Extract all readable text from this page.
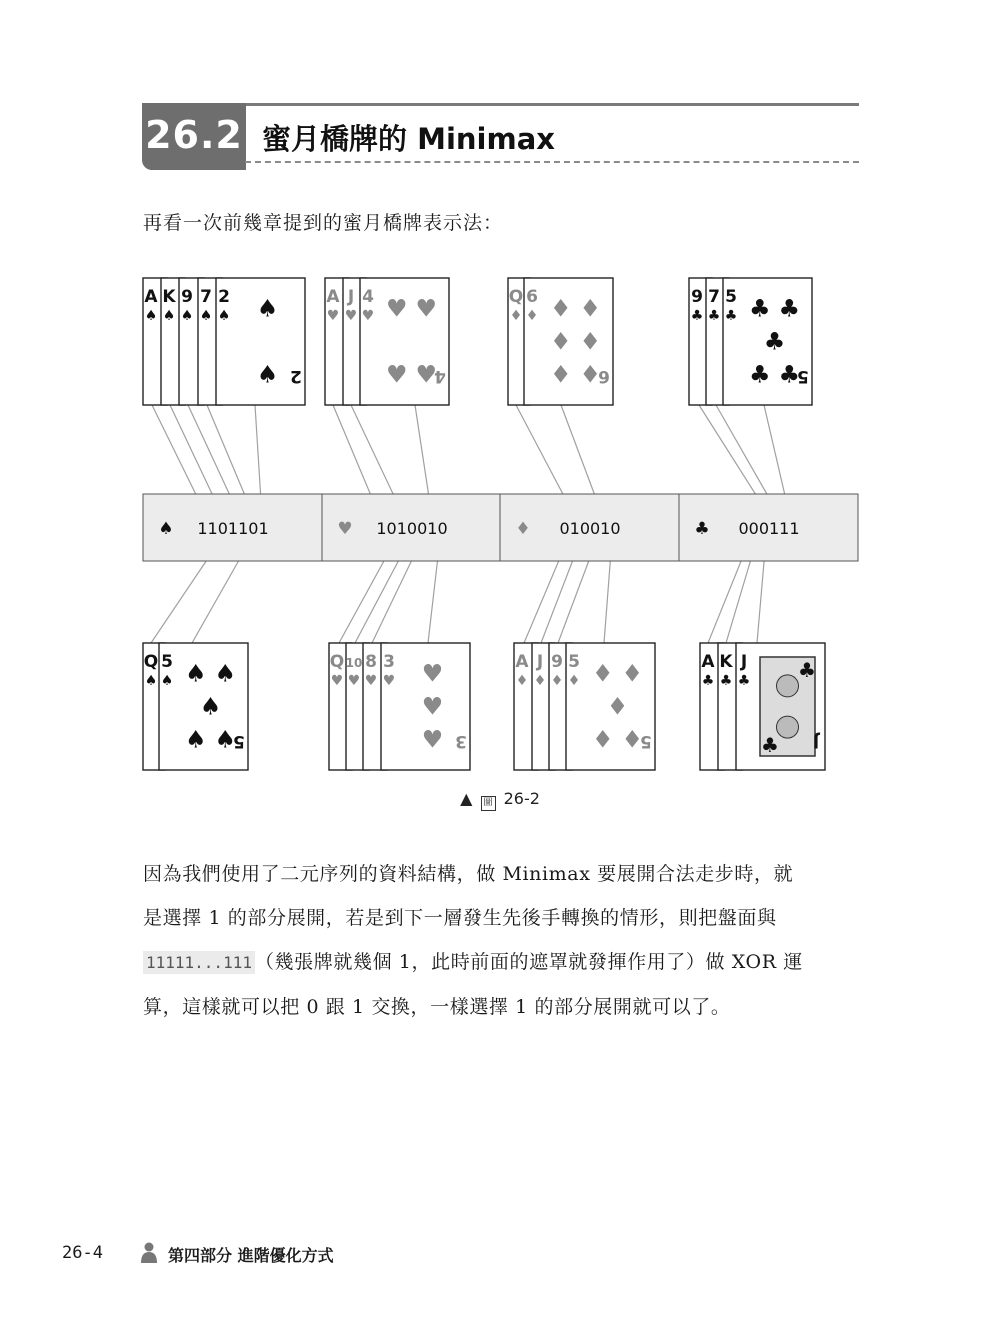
26.2 蜜月橋牌的 Minimax
再看一次前幾章提到的蜜月橋牌表示法：
♠ 1101101	♥ 1010010	♦ 010010	♣ 000111
A
♠
K
♠
9
♠
7
♠
2
♠ ♠
♠ 2
A
♥
J
♥
4
♥ ♥ ♥
♥ ♥
4
Q
♦
6
♦ ♦ ♦
♦ ♦
♦ ♦
6
9
♣
7
♣
5
♣ ♣ ♣
♣
♣ ♣
5
Q
♠
5
♠ ♠ ♠
♠
♠ ♠
5
Q
♥
10
♥
8
♥
3
♥ ♥
♥
♥ 3
A
♦
J
♦
9
♦
5
♦ ♦ ♦
♦
♦ ♦
5
A
♣
K
♣
J
♣ ♣
♣ J
▲ 圖 26-2

因為我們使用了二元序列的資料結構，做 Minimax 要展開合法走步時，就

是選擇 1 的部分展開，若是到下一層發生先後手轉換的情形，則把盤面與

11111...111 （幾張牌就幾個 1，此時前面的遮罩就發揮作用了）做 XOR 運

算，這樣就可以把 0 跟 1 交換，一樣選擇 1 的部分展開就可以了。

26-4	第四部分 進階優化方式
